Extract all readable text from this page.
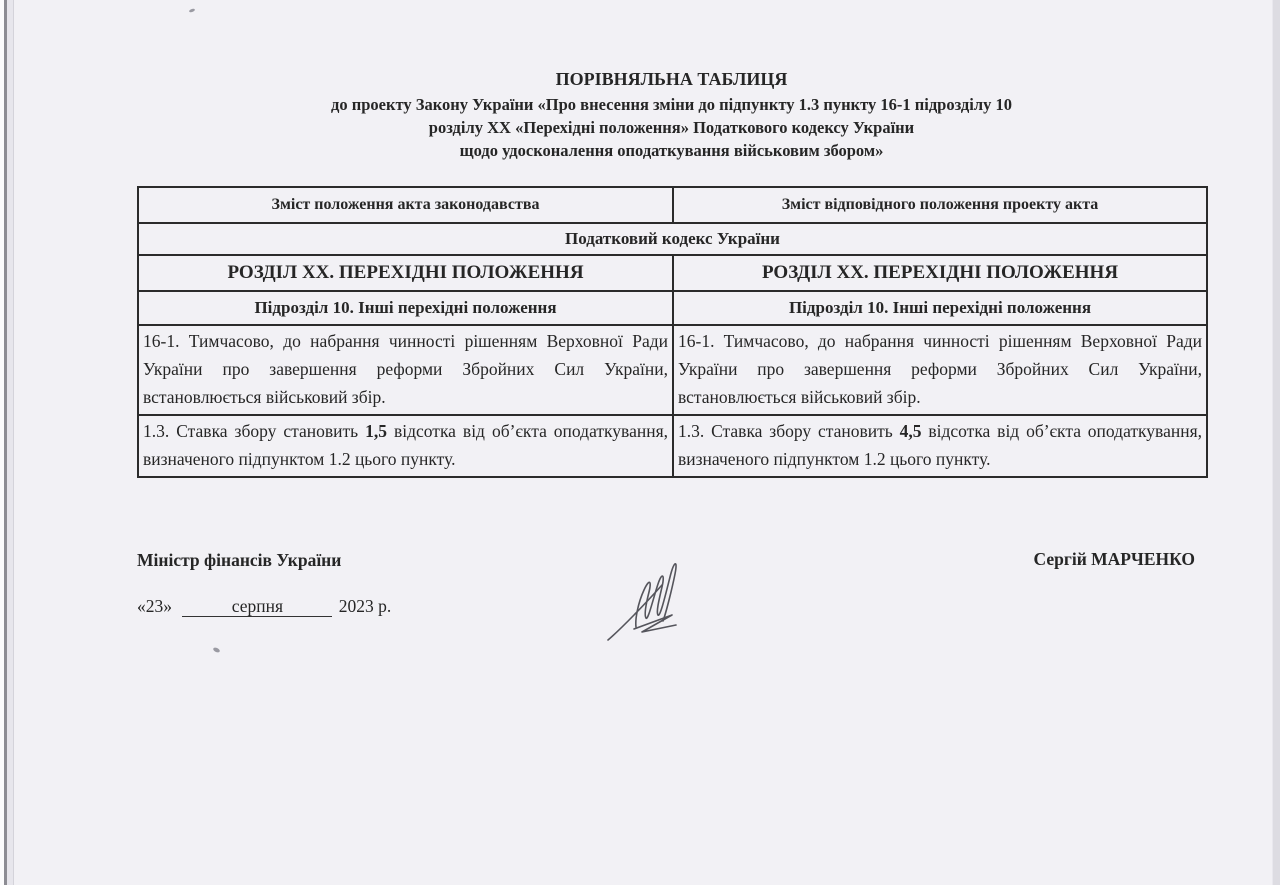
ПОРІВНЯЛЬНА ТАБЛИЦЯ
до проекту Закону України «Про внесення зміни до підпункту 1.3 пункту 16-1 підрозділу 10
розділу XX «Перехідні положення» Податкового кодексу України
щодо удосконалення оподаткування військовим збором»
Зміст положення акта законодавства	Зміст відповідного положення проекту акта
Податковий кодекс України	
РОЗДІЛ XX. ПЕРЕХІДНІ ПОЛОЖЕННЯ	РОЗДІЛ XX. ПЕРЕХІДНІ ПОЛОЖЕННЯ
Підрозділ 10. Інші перехідні положення	Підрозділ 10. Інші перехідні положення
16-1. Тимчасово, до набрання чинності рішенням Верховної Ради України про завершення реформи Збройних Сил України, встановлюється військовий збір.	16-1. Тимчасово, до набрання чинності рішенням Верховної Ради України про завершення реформи Збройних Сил України, встановлюється військовий збір.
1.3. Ставка збору становить 1,5 відсотка від об’єкта оподаткування, визначеного підпунктом 1.2 цього пункту.	1.3. Ставка збору становить 4,5 відсотка від об’єкта оподаткування, визначеного підпунктом 1.2 цього пункту.
Міністр фінансів України	Сергій МАРЧЕНКО
«23»	серпня	2023 р.
